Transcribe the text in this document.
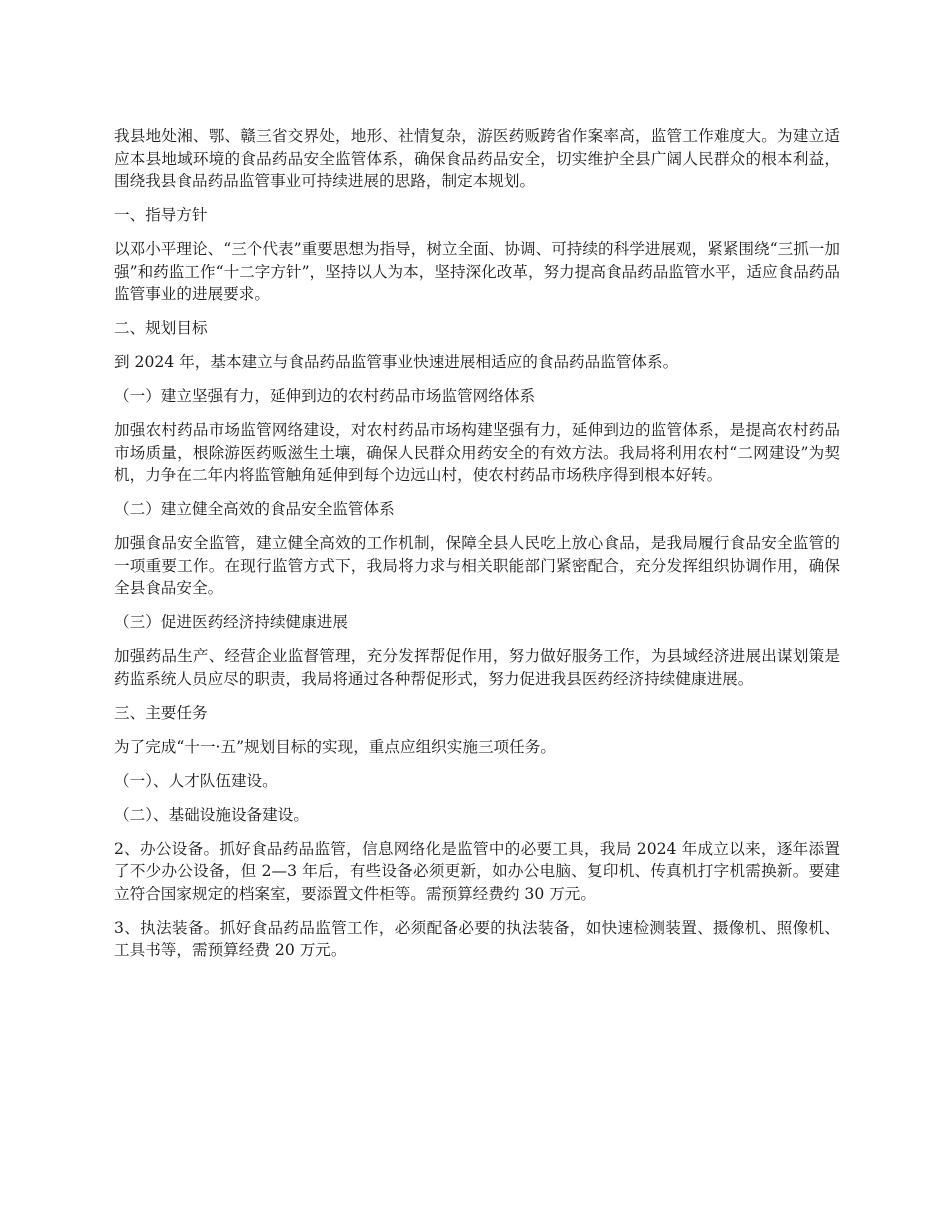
我县地处湘、鄂、赣三省交界处，地形、社情复杂，游医药贩跨省作案率高，监管工作难度大。为建立适应本县地域环境的食品药品安全监管体系，确保食品药品安全，切实维护全县广阔人民群众的根本利益，围绕我县食品药品监管事业可持续进展的思路，制定本规划。

一、指导方针

以邓小平理论、“三个代表”重要思想为指导，树立全面、协调、可持续的科学进展观，紧紧围绕“三抓一加强”和药监工作“十二字方针”，坚持以人为本，坚持深化改革，努力提高食品药品监管水平，适应食品药品监管事业的进展要求。

二、规划目标

到 2024 年，基本建立与食品药品监管事业快速进展相适应的食品药品监管体系。

（一）建立坚强有力，延伸到边的农村药品市场监管网络体系

加强农村药品市场监管网络建设，对农村药品市场构建坚强有力，延伸到边的监管体系，是提高农村药品市场质量，根除游医药贩滋生土壤，确保人民群众用药安全的有效方法。我局将利用农村“二网建设”为契机，力争在二年内将监管触角延伸到每个边远山村，使农村药品市场秩序得到根本好转。

（二）建立健全高效的食品安全监管体系

加强食品安全监管，建立健全高效的工作机制，保障全县人民吃上放心食品，是我局履行食品安全监管的一项重要工作。在现行监管方式下，我局将力求与相关职能部门紧密配合，充分发挥组织协调作用，确保全县食品安全。

（三）促进医药经济持续健康进展

加强药品生产、经营企业监督管理，充分发挥帮促作用，努力做好服务工作，为县域经济进展出谋划策是药监系统人员应尽的职责，我局将通过各种帮促形式，努力促进我县医药经济持续健康进展。

三、主要任务

为了完成“十一·五”规划目标的实现，重点应组织实施三项任务。

（一）、人才队伍建设。

（二）、基础设施设备建设。

2、办公设备。抓好食品药品监管，信息网络化是监管中的必要工具，我局 2024 年成立以来，逐年添置了不少办公设备，但 2—3 年后，有些设备必须更新，如办公电脑、复印机、传真机打字机需换新。要建立符合国家规定的档案室，要添置文件柜等。需预算经费约 30 万元。

3、执法装备。抓好食品药品监管工作，必须配备必要的执法装备，如快速检测装置、摄像机、照像机、工具书等，需预算经费 20 万元。
